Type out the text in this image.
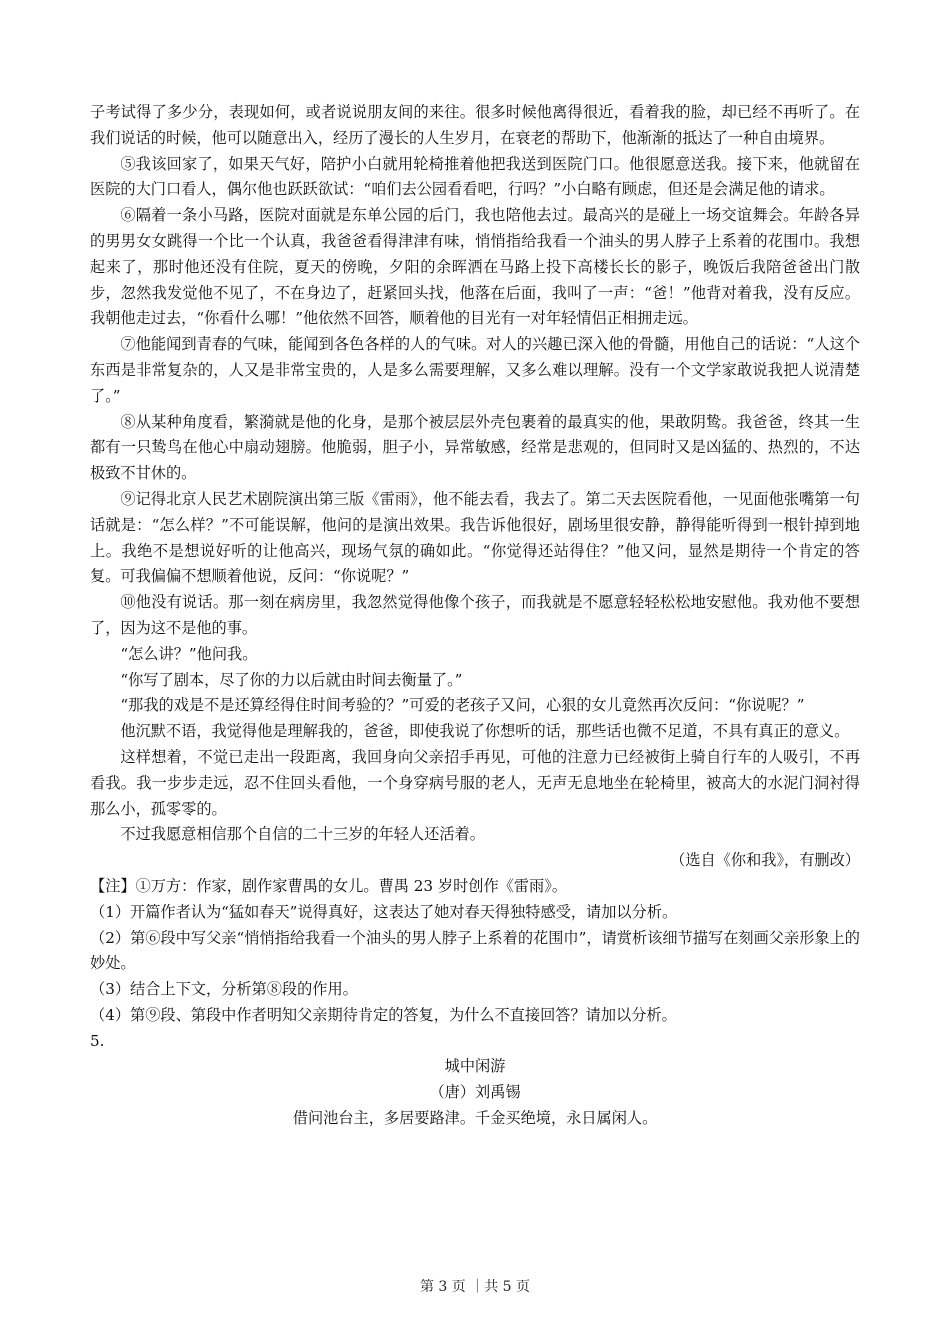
子考试得了多少分，表现如何，或者说说朋友间的来往。很多时候他离得很近，看着我的脸，却已经不再听了。在我们说话的时候，他可以随意出入，经历了漫长的人生岁月，在衰老的帮助下，他渐渐的抵达了一种自由境界。

⑤我该回家了，如果天气好，陪护小白就用轮椅推着他把我送到医院门口。他很愿意送我。接下来，他就留在医院的大门口看人，偶尔他也跃跃欲试：“咱们去公园看看吧，行吗？”小白略有顾虑，但还是会满足他的请求。

⑥隔着一条小马路，医院对面就是东单公园的后门，我也陪他去过。最高兴的是碰上一场交谊舞会。年龄各异的男男女女跳得一个比一个认真，我爸爸看得津津有味，悄悄指给我看一个油头的男人脖子上系着的花围巾。我想起来了，那时他还没有住院，夏天的傍晚，夕阳的余晖洒在马路上投下高楼长长的影子，晚饭后我陪爸爸出门散步，忽然我发觉他不见了，不在身边了，赶紧回头找，他落在后面，我叫了一声：“爸！”他背对着我，没有反应。我朝他走过去，“你看什么哪！”他依然不回答，顺着他的目光有一对年轻情侣正相拥走远。

⑦他能闻到青春的气味，能闻到各色各样的人的气味。对人的兴趣已深入他的骨髓，用他自己的话说：“人这个东西是非常复杂的，人又是非常宝贵的，人是多么需要理解，又多么难以理解。没有一个文学家敢说我把人说清楚了。”

⑧从某种角度看，繁漪就是他的化身，是那个被层层外壳包裹着的最真实的他，果敢阴鸷。我爸爸，终其一生都有一只鸷鸟在他心中扇动翅膀。他脆弱，胆子小，异常敏感，经常是悲观的，但同时又是凶猛的、热烈的，不达极致不甘休的。

⑨记得北京人民艺术剧院演出第三版《雷雨》，他不能去看，我去了。第二天去医院看他，一见面他张嘴第一句话就是：“怎么样？”不可能误解，他问的是演出效果。我告诉他很好，剧场里很安静，静得能听得到一根针掉到地上。我绝不是想说好听的让他高兴，现场气氛的确如此。“你觉得还站得住？”他又问，显然是期待一个肯定的答复。可我偏偏不想顺着他说，反问：“你说呢？”

⑩他没有说话。那一刻在病房里，我忽然觉得他像个孩子，而我就是不愿意轻轻松松地安慰他。我劝他不要想了，因为这不是他的事。

“怎么讲？”他问我。

“你写了剧本，尽了你的力以后就由时间去衡量了。”

“那我的戏是不是还算经得住时间考验的？”可爱的老孩子又问，心狠的女儿竟然再次反问：“你说呢？”

他沉默不语，我觉得他是理解我的，爸爸，即使我说了你想听的话，那些话也微不足道，不具有真正的意义。

这样想着，不觉已走出一段距离，我回身向父亲招手再见，可他的注意力已经被街上骑自行车的人吸引，不再看我。我一步步走远，忍不住回头看他，一个身穿病号服的老人，无声无息地坐在轮椅里，被高大的水泥门洞衬得那么小，孤零零的。

不过我愿意相信那个自信的二十三岁的年轻人还活着。

（选自《你和我》，有删改）

【注】①万方：作家，剧作家曹禺的女儿。曹禺 23 岁时创作《雷雨》。

（1）开篇作者认为“猛如春天”说得真好，这表达了她对春天得独特感受，请加以分析。

（2）第⑥段中写父亲“悄悄指给我看一个油头的男人脖子上系着的花围巾”，请赏析该细节描写在刻画父亲形象上的妙处。

（3）结合上下文，分析第⑧段的作用。

（4）第⑨段、第段中作者明知父亲期待肯定的答复，为什么不直接回答？请加以分析。

5.

城中闲游

（唐）刘禹锡

借问池台主，多居要路津。千金买绝境，永日属闲人。

第 3 页 ｜共 5 页
